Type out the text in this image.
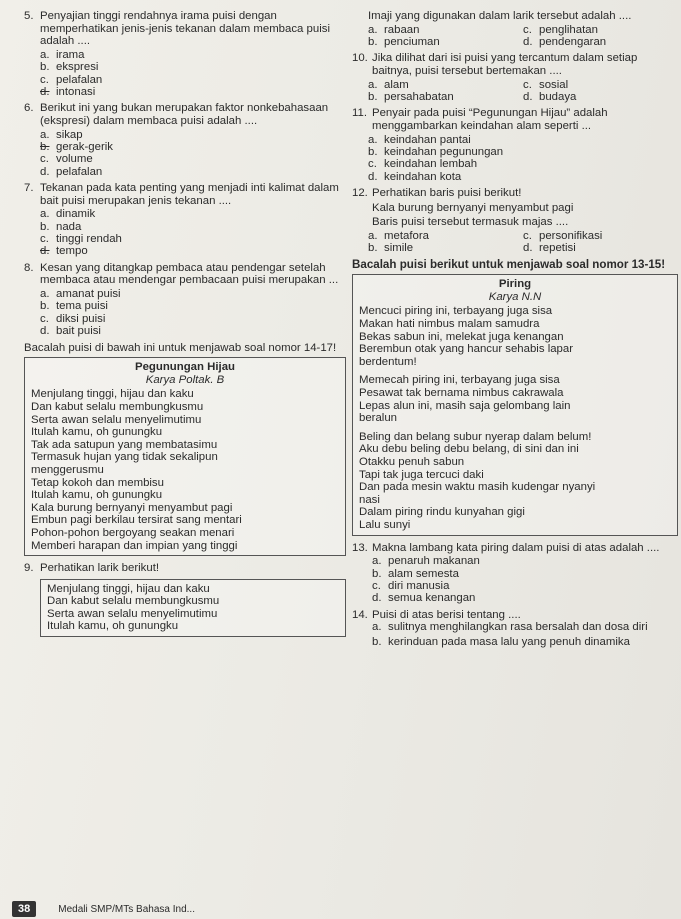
5. Penyajian tinggi rendahnya irama puisi dengan memperhatikan jenis-jenis tekanan dalam membaca puisi adalah ....
a. irama
b. ekspresi
c. pelafalan
d. intonasi
6. Berikut ini yang bukan merupakan faktor nonkebahasaan (ekspresi) dalam membaca puisi adalah ....
a. sikap
b. gerak-gerik
c. volume
d. pelafalan
7. Tekanan pada kata penting yang menjadi inti kalimat dalam bait puisi merupakan jenis tekanan ....
a. dinamik
b. nada
c. tinggi rendah
d. tempo
8. Kesan yang ditangkap pembaca atau pendengar setelah membaca atau mendengar pembacaan puisi merupakan ...
a. amanat puisi
b. tema puisi
c. diksi puisi
d. bait puisi
Bacalah puisi di bawah ini untuk menjawab soal nomor 14-17!
Pegunungan Hijau
Karya Poltak. B
Menjulang tinggi, hijau dan kaku
Dan kabut selalu membungkusmu
Serta awan selalu menyelimutimu
Itulah kamu, oh gunungku
Tak ada satupun yang membatasimu
Termasuk hujan yang tidak sekalipun
menggerusmu
Tetap kokoh dan membisu
Itulah kamu, oh gunungku
Kala burung bernyanyi menyambut pagi
Embun pagi berkilau tersirat sang mentari
Pohon-pohon bergoyang seakan menari
Memberi harapan dan impian yang tinggi
9. Perhatikan larik berikut!
Menjulang tinggi, hijau dan kaku
Dan kabut selalu membungkusmu
Serta awan selalu menyelimutimu
Itulah kamu, oh gunungku
Imaji yang digunakan dalam larik tersebut adalah ....
a. rabaan	c. penglihatan
b. penciuman	d. pendengaran
10. Jika dilihat dari isi puisi yang tercantum dalam setiap baitnya, puisi tersebut bertemakan ....
a. alam	c. sosial
b. persahabatan	d. budaya
11. Penyair pada puisi “Pegunungan Hijau” adalah menggambarkan keindahan alam seperti ...
a. keindahan pantai
b. keindahan pegunungan
c. keindahan lembah
d. keindahan kota
12. Perhatikan baris puisi berikut!
Kala burung bernyanyi menyambut pagi
Baris puisi tersebut termasuk majas ....
a. metafora	c. personifikasi
b. simile	d. repetisi
Bacalah puisi berikut untuk menjawab soal nomor 13-15!
Piring
Karya N.N
Mencuci piring ini, terbayang juga sisa
Makan hati nimbus malam samudra
Bekas sabun ini, melekat juga kenangan
Berembun otak yang hancur sehabis lapar
berdentum!
Memecah piring ini, terbayang juga sisa
Pesawat tak bernama nimbus cakrawala
Lepas alun ini, masih saja gelombang lain
beralun
Beling dan belang subur nyerap dalam belum!
Aku debu beling debu belang, di sini dan ini
Otakku penuh sabun
Tapi tak juga tercuci daki
Dan pada mesin waktu masih kudengar nyanyi
nasi
Dalam piring rindu kunyahan gigi
Lalu sunyi
13. Makna lambang kata piring dalam puisi di atas adalah ....
a. penaruh makanan
b. alam semesta
c. diri manusia
d. semua kenangan
14. Puisi di atas berisi tentang ....
a. sulitnya menghilangkan rasa bersalah dan dosa diri
b. kerinduan pada masa lalu yang penuh dinamika
38	Medali SMP/MTs Bahasa Ind...
